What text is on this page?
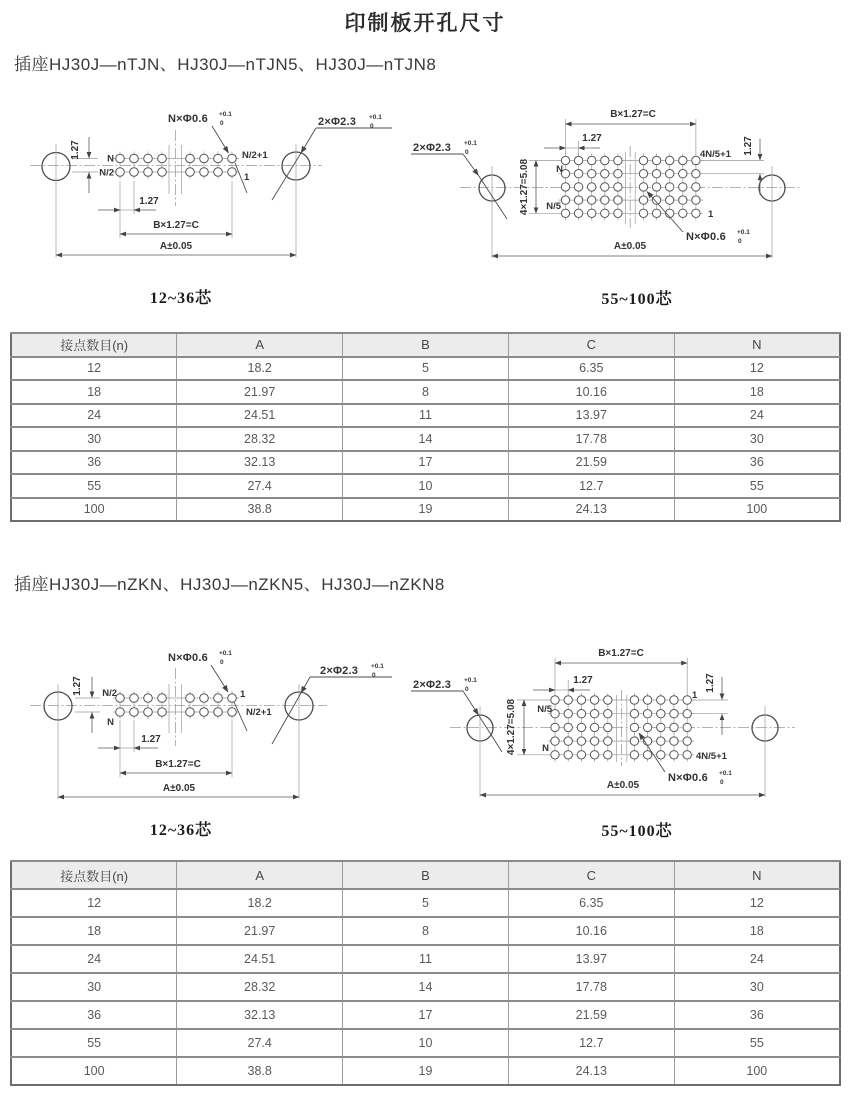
N
N/2
N/2+1
1
1.27
1.27
B×1.27=C
A±0.05
N×Φ0.6 +0.1
0	2×Φ2.3 +0.1
0
12~36芯
N
N/5
4N/5+1
1
B×1.27=C
1.27
4×1.27=5.08
1.27
N×Φ0.6 +0.1
0
2×Φ2.3 +0.1
0
A±0.05
55~100芯
N/2
N
1
N/2+1
1.27
1.27
B×1.27=C
A±0.05
N×Φ0.6 +0.1
0
2×Φ2.3 +0.1
0
12~36芯
N/5
N
1
4N/5+1
B×1.27=C
1.27
4×1.27=5.08
1.27
N×Φ0.6 +0.1
0
2×Φ2.3 +0.1
0
A±0.05
55~100芯
印制板开孔尺寸
插座HJ30J—nTJN、HJ30J—nTJN5、HJ30J—nTJN8
插座HJ30J—nZKN、HJ30J—nZKN5、HJ30J—nZKN8
接点数目(n)	A	B	C	N
12	18.2	5	6.35	12
18	21.97	8	10.16	18
24	24.51	11	13.97	24
30	28.32	14	17.78	30
36	32.13	17	21.59	36
55	27.4	10	12.7	55
100	38.8	19	24.13	100
接点数目(n)	A	B	C	N
12	18.2	5	6.35	12
18	21.97	8	10.16	18
24	24.51	11	13.97	24
30	28.32	14	17.78	30
36	32.13	17	21.59	36
55	27.4	10	12.7	55
100	38.8	19	24.13	100
